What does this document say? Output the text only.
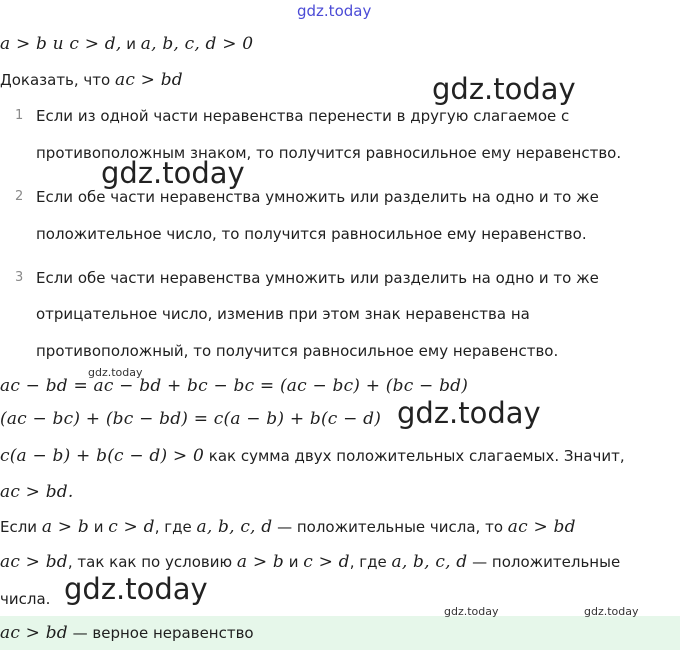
gdz.today
a > b и c > d, и a, b, c, d > 0
Доказать, что ac > bd	gdz.today
1 Если из одной части неравенства перенести в другую слагаемое с
противоположным знаком, то получится равносильное ему неравенство.
gdz.today
2 Если обе части неравенства умножить или разделить на одно и то же
положительное число, то получится равносильное ему неравенство.
3 Если обе части неравенства умножить или разделить на одно и то же
отрицательное число, изменив при этом знак неравенства на
противоположный, то получится равносильное ему неравенство.
gdz.today
ac − bd = ac − bd + bc − bc = (ac − bc) + (bc − bd)
(ac − bc) + (bc − bd) = c(a − b) + b(c − d) gdz.today
c(a − b) + b(c − d) > 0 как сумма двух положительных слагаемых. Значит,
ac > bd.
Если a > b и c > d, где a, b, c, d — положительные числа, то ac > bd
ac > bd, так как по условию a > b и c > d, где a, b, c, d — положительные
числа. gdz.today
gdz.today	gdz.today
ac > bd — верное неравенство
